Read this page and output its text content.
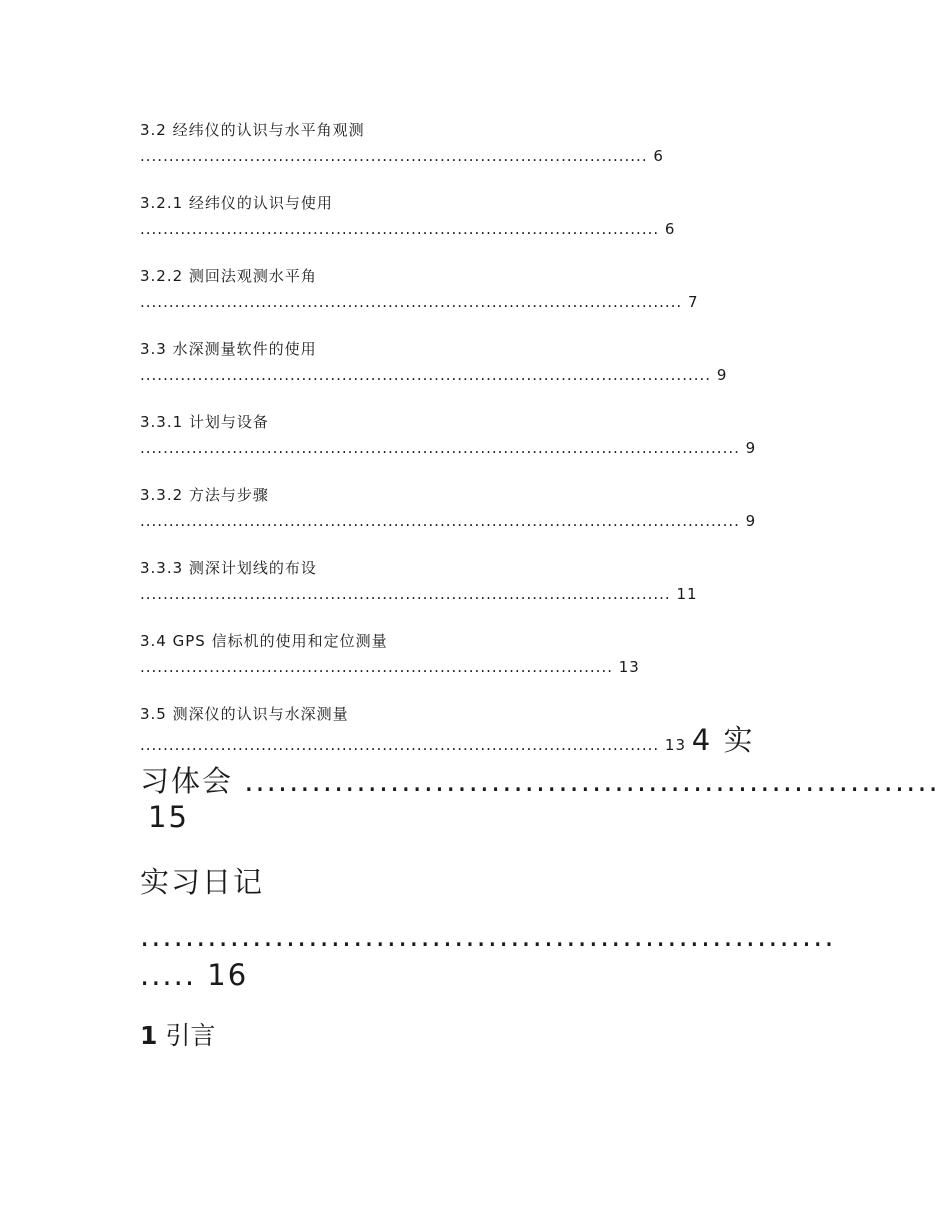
3.2 经纬仪的认识与水平角观测
........................................................................................ 6
3.2.1 经纬仪的认识与使用
.......................................................................................... 6
3.2.2 测回法观测水平角
.............................................................................................. 7
3.3 水深测量软件的使用
................................................................................................... 9
3.3.1 计划与设备
........................................................................................................ 9
3.3.2 方法与步骤
........................................................................................................ 9
3.3.3 测深计划线的布设
............................................................................................ 11
3.4 GPS 信标机的使用和定位测量
.................................................................................. 13
3.5 测深仪的认识与水深测量
.......................................................................................... 13 4 实
习体会 ..............................................................
15
实习日记
..............................................................
..... 16
1 引言
